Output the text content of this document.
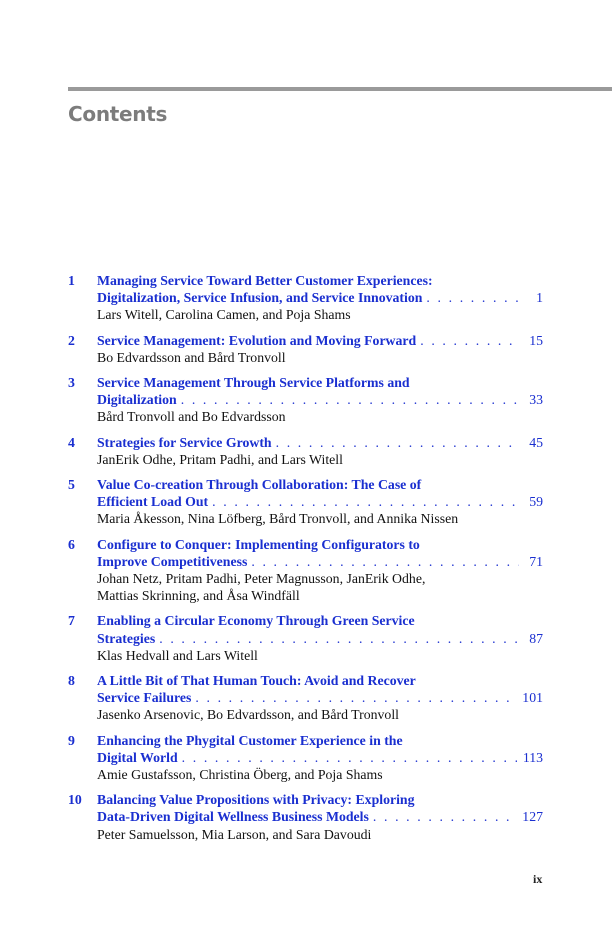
Contents
1	Managing Service Toward Better Customer Experiences:
Digitalization, Service Infusion, and Service Innovation . . .	1
Lars Witell, Carolina Camen, and Poja Shams
2	Service Management: Evolution and Moving Forward . . .	15
Bo Edvardsson and Bård Tronvoll
3	Service Management Through Service Platforms and
Digitalization . . .	33
Bård Tronvoll and Bo Edvardsson
4	Strategies for Service Growth . . .	45
JanErik Odhe, Pritam Padhi, and Lars Witell
5	Value Co-creation Through Collaboration: The Case of
Efficient Load Out . . .	59
Maria Åkesson, Nina Löfberg, Bård Tronvoll, and Annika Nissen
6	Configure to Conquer: Implementing Configurators to
Improve Competitiveness . . .	71
Johan Netz, Pritam Padhi, Peter Magnusson, JanErik Odhe,
Mattias Skrinning, and Åsa Windfäll
7	Enabling a Circular Economy Through Green Service
Strategies . . .	87
Klas Hedvall and Lars Witell
8	A Little Bit of That Human Touch: Avoid and Recover
Service Failures . . .	101
Jasenko Arsenovic, Bo Edvardsson, and Bård Tronvoll
9	Enhancing the Phygital Customer Experience in the
Digital World . . .	113
Amie Gustafsson, Christina Öberg, and Poja Shams
10	Balancing Value Propositions with Privacy: Exploring
Data-Driven Digital Wellness Business Models . . .	127
Peter Samuelsson, Mia Larson, and Sara Davoudi
ix
